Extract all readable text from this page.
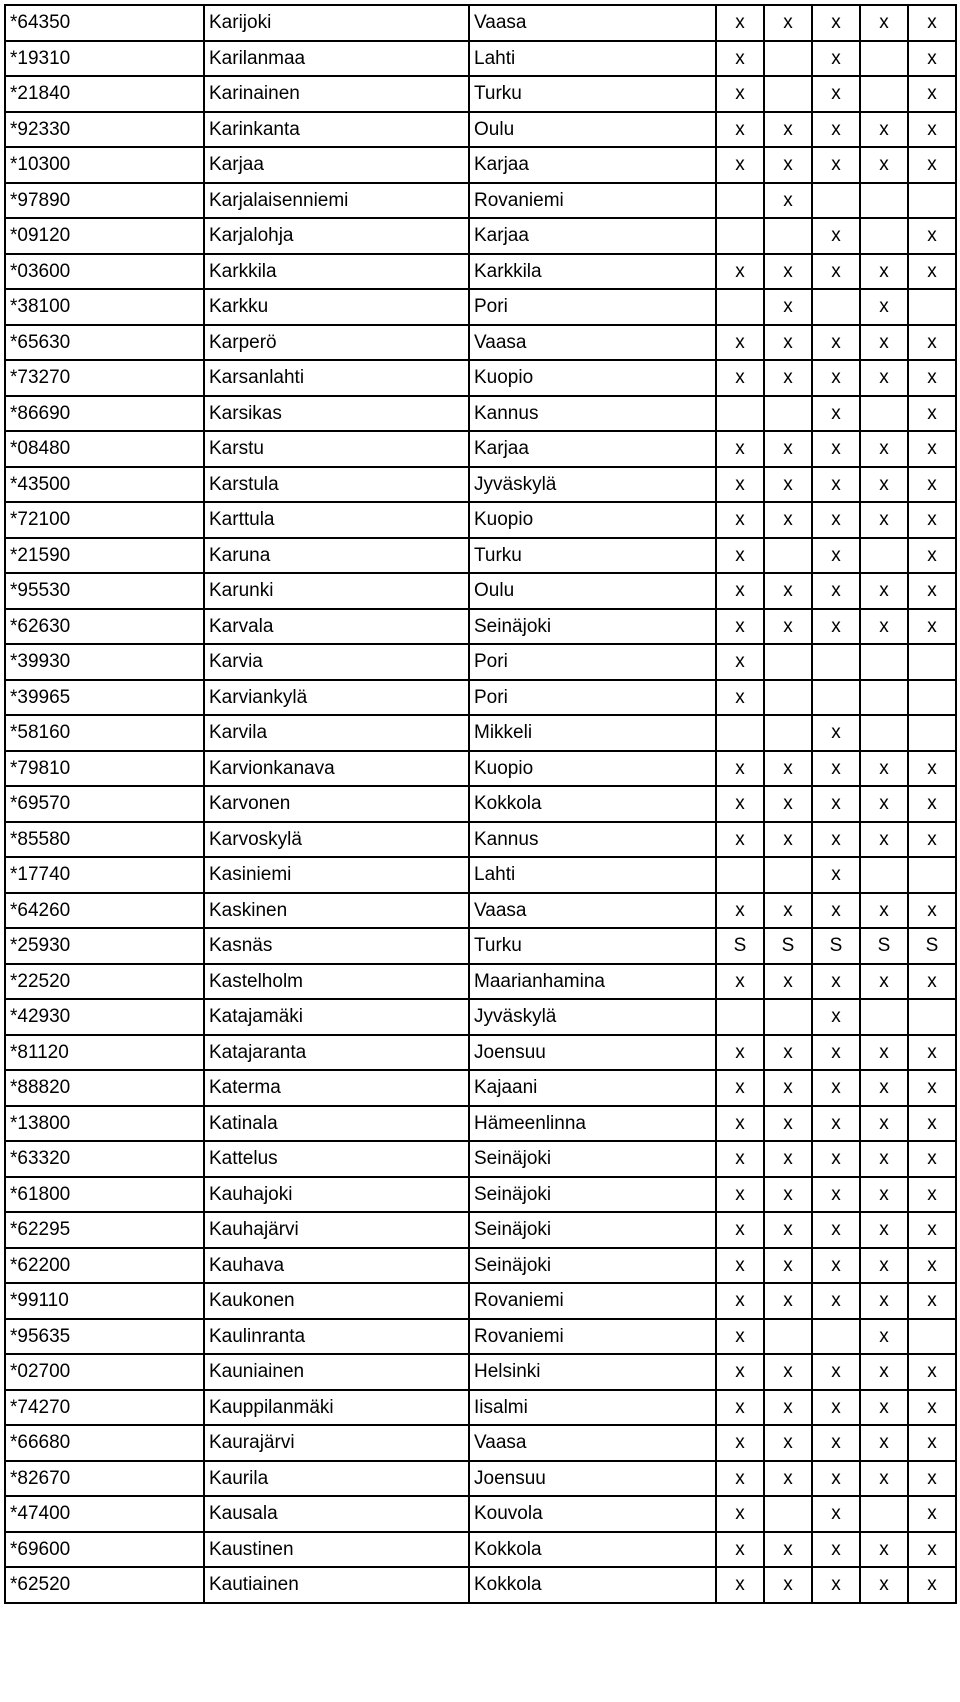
*64350	Karijoki	Vaasa	x	x	x	x	x
*19310	Karilanmaa	Lahti	x		x		x
*21840	Karinainen	Turku	x		x		x
*92330	Karinkanta	Oulu	x	x	x	x	x
*10300	Karjaa	Karjaa	x	x	x	x	x
*97890	Karjalaisenniemi	Rovaniemi		x			
*09120	Karjalohja	Karjaa			x		x
*03600	Karkkila	Karkkila	x	x	x	x	x
*38100	Karkku	Pori		x		x	
*65630	Karperö	Vaasa	x	x	x	x	x
*73270	Karsanlahti	Kuopio	x	x	x	x	x
*86690	Karsikas	Kannus			x		x
*08480	Karstu	Karjaa	x	x	x	x	x
*43500	Karstula	Jyväskylä	x	x	x	x	x
*72100	Karttula	Kuopio	x	x	x	x	x
*21590	Karuna	Turku	x		x		x
*95530	Karunki	Oulu	x	x	x	x	x
*62630	Karvala	Seinäjoki	x	x	x	x	x
*39930	Karvia	Pori	x				
*39965	Karviankylä	Pori	x				
*58160	Karvila	Mikkeli			x		
*79810	Karvionkanava	Kuopio	x	x	x	x	x
*69570	Karvonen	Kokkola	x	x	x	x	x
*85580	Karvoskylä	Kannus	x	x	x	x	x
*17740	Kasiniemi	Lahti			x		
*64260	Kaskinen	Vaasa	x	x	x	x	x
*25930	Kasnäs	Turku	S	S	S	S	S
*22520	Kastelholm	Maarianhamina	x	x	x	x	x
*42930	Katajamäki	Jyväskylä			x		
*81120	Katajaranta	Joensuu	x	x	x	x	x
*88820	Katerma	Kajaani	x	x	x	x	x
*13800	Katinala	Hämeenlinna	x	x	x	x	x
*63320	Kattelus	Seinäjoki	x	x	x	x	x
*61800	Kauhajoki	Seinäjoki	x	x	x	x	x
*62295	Kauhajärvi	Seinäjoki	x	x	x	x	x
*62200	Kauhava	Seinäjoki	x	x	x	x	x
*99110	Kaukonen	Rovaniemi	x	x	x	x	x
*95635	Kaulinranta	Rovaniemi	x			x	
*02700	Kauniainen	Helsinki	x	x	x	x	x
*74270	Kauppilanmäki	Iisalmi	x	x	x	x	x
*66680	Kaurajärvi	Vaasa	x	x	x	x	x
*82670	Kaurila	Joensuu	x	x	x	x	x
*47400	Kausala	Kouvola	x		x		x
*69600	Kaustinen	Kokkola	x	x	x	x	x
*62520	Kautiainen	Kokkola	x	x	x	x	x
